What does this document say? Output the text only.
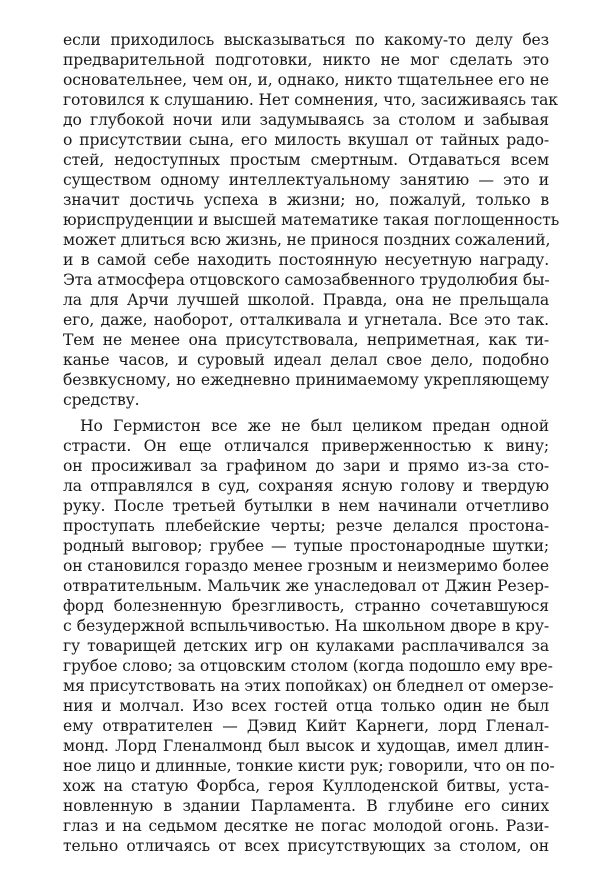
если приходилось высказываться по какому-то делу без
предварительной подготовки, никто не мог сделать это
основательнее, чем он, и, однако, никто тщательнее его не
готовился к слушанию. Нет сомнения, что, засиживаясь так
до глубокой ночи или задумываясь за столом и забывая
о присутствии сына, его милость вкушал от тайных радо-
стей, недоступных простым смертным. Отдаваться всем
существом одному интеллектуальному занятию — это и
значит достичь успеха в жизни; но, пожалуй, только в
юриспруденции и высшей математике такая поглощенность
может длиться всю жизнь, не принося поздних сожалений,
и в самой себе находить постоянную несуетную награду.
Эта атмосфера отцовского самозабвенного трудолюбия бы-
ла для Арчи лучшей школой. Правда, она не прельщала
его, даже, наоборот, отталкивала и угнетала. Все это так.
Тем не менее она присутствовала, неприметная, как ти-
канье часов, и суровый идеал делал свое дело, подобно
безвкусному, но ежедневно принимаемому укрепляющему
средству.
Но Гермистон все же не был целиком предан одной
страсти. Он еще отличался приверженностью к вину;
он просиживал за графином до зари и прямо из-за сто-
ла отправлялся в суд, сохраняя ясную голову и твердую
руку. После третьей бутылки в нем начинали отчетливо
проступать плебейские черты; резче делался простона-
родный выговор; грубее — тупые простонародные шутки;
он становился гораздо менее грозным и неизмеримо более
отвратительным. Мальчик же унаследовал от Джин Резер-
форд болезненную брезгливость, странно сочетавшуюся
с безудержной вспыльчивостью. На школьном дворе в кру-
гу товарищей детских игр он кулаками расплачивался за
грубое слово; за отцовским столом (когда подошло ему вре-
мя присутствовать на этих попойках) он бледнел от омерзе-
ния и молчал. Изо всех гостей отца только один не был
ему отвратителен — Дэвид Кийт Карнеги, лорд Гленал-
монд. Лорд Гленалмонд был высок и худощав, имел длин-
ное лицо и длинные, тонкие кисти рук; говорили, что он по-
хож на статую Форбса, героя Куллоденской битвы, уста-
новленную в здании Парламента. В глубине его синих
глаз и на седьмом десятке не погас молодой огонь. Рази-
тельно отличаясь от всех присутствующих за столом, он
